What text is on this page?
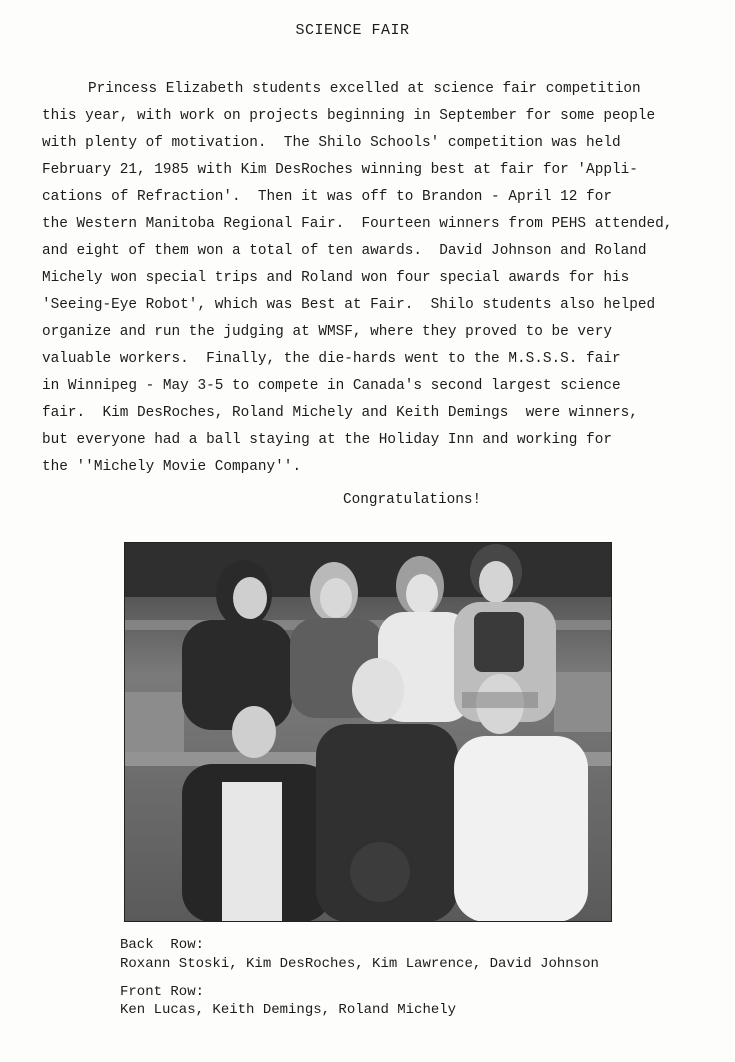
SCIENCE FAIR
Princess Elizabeth students excelled at science fair competition
this year, with work on projects beginning in September for some people
with plenty of motivation.  The Shilo Schools' competition was held
February 21, 1985 with Kim DesRoches winning best at fair for 'Appli-
cations of Refraction'.  Then it was off to Brandon - April 12 for
the Western Manitoba Regional Fair.  Fourteen winners from PEHS attended,
and eight of them won a total of ten awards.  David Johnson and Roland
Michely won special trips and Roland won four special awards for his
'Seeing-Eye Robot', which was Best at Fair.  Shilo students also helped
organize and run the judging at WMSF, where they proved to be very
valuable workers.  Finally, the die-hards went to the M.S.S.S. fair
in Winnipeg - May 3-5 to compete in Canada's second largest science
fair.  Kim DesRoches, Roland Michely and Keith Demings  were winners,
but everyone had a ball staying at the Holiday Inn and working for
the ''Michely Movie Company''.
Congratulations!
Back  Row:
Roxann Stoski, Kim DesRoches, Kim Lawrence, David Johnson
Front Row:
Ken Lucas, Keith Demings, Roland Michely
